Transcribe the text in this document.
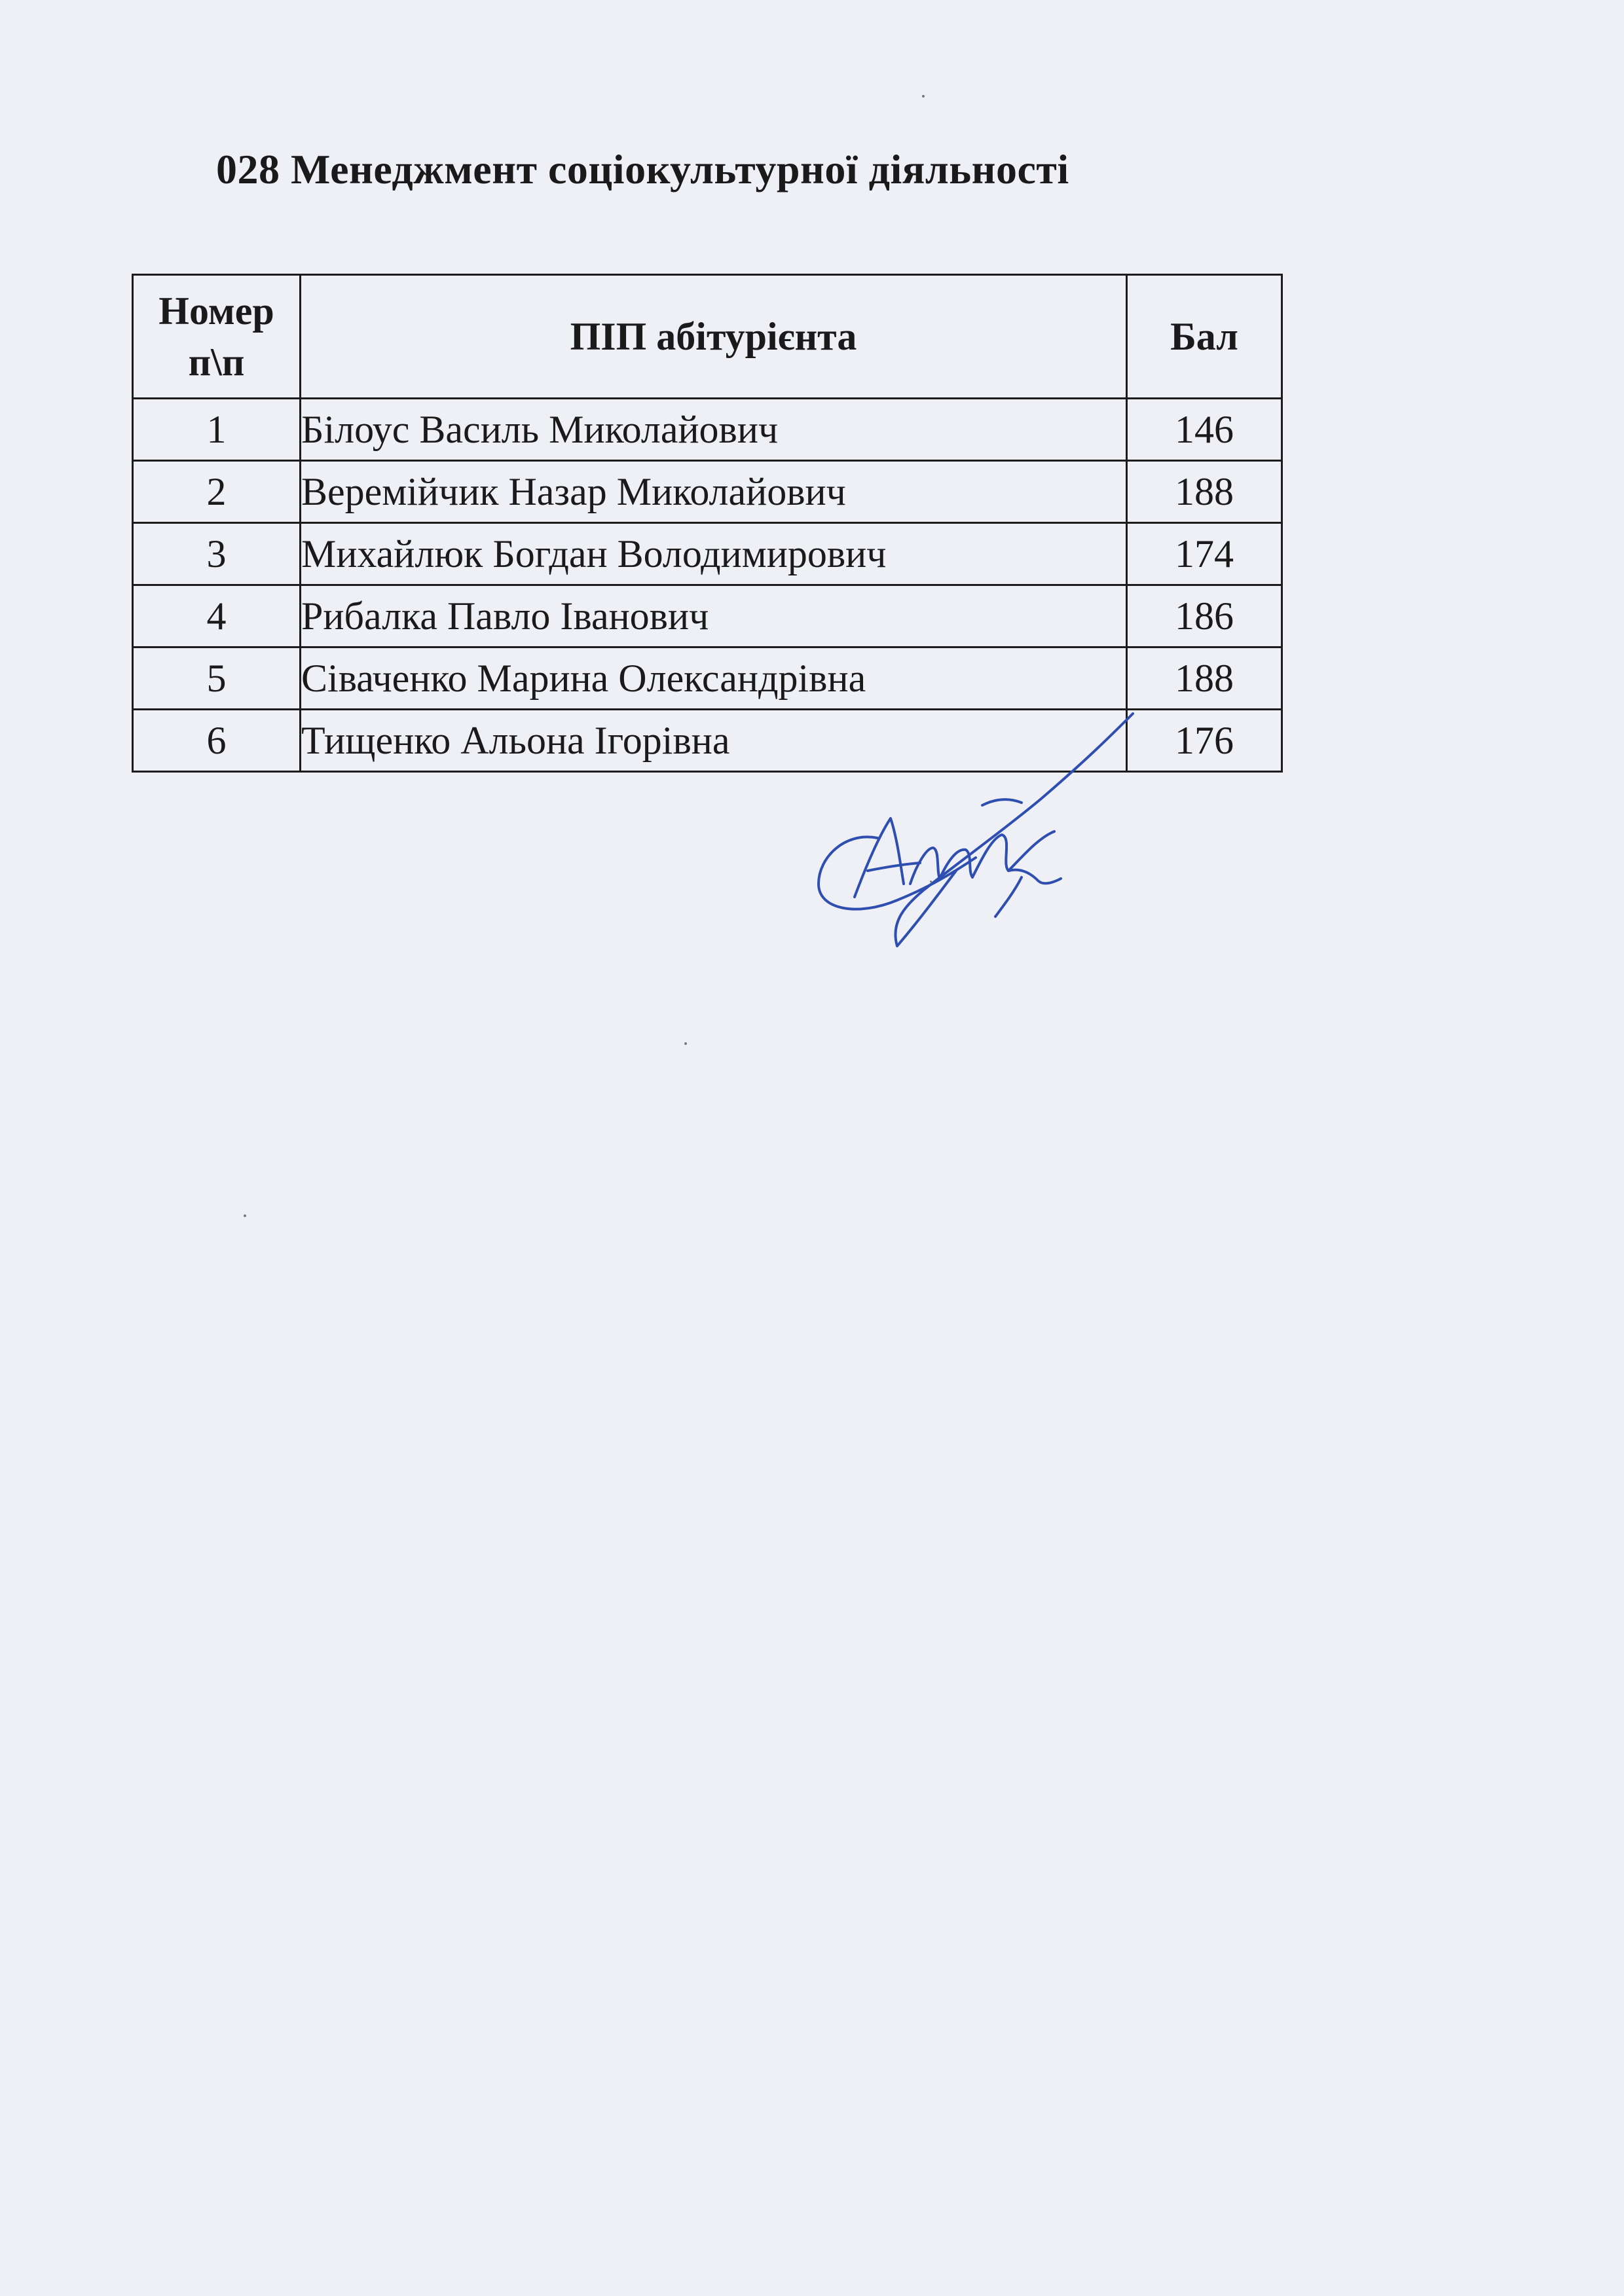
028 Менеджмент соціокультурної діяльності
Номер
п\п	ПІП абітурієнта	Бал
1	Білоус Василь Миколайович	146
2	Веремійчик Назар Миколайович	188
3	Михайлюк Богдан Володимирович	174
4	Рибалка Павло Іванович	186
5	Сіваченко Марина Олександрівна	188
6	Тищенко Альона Ігорівна	176
